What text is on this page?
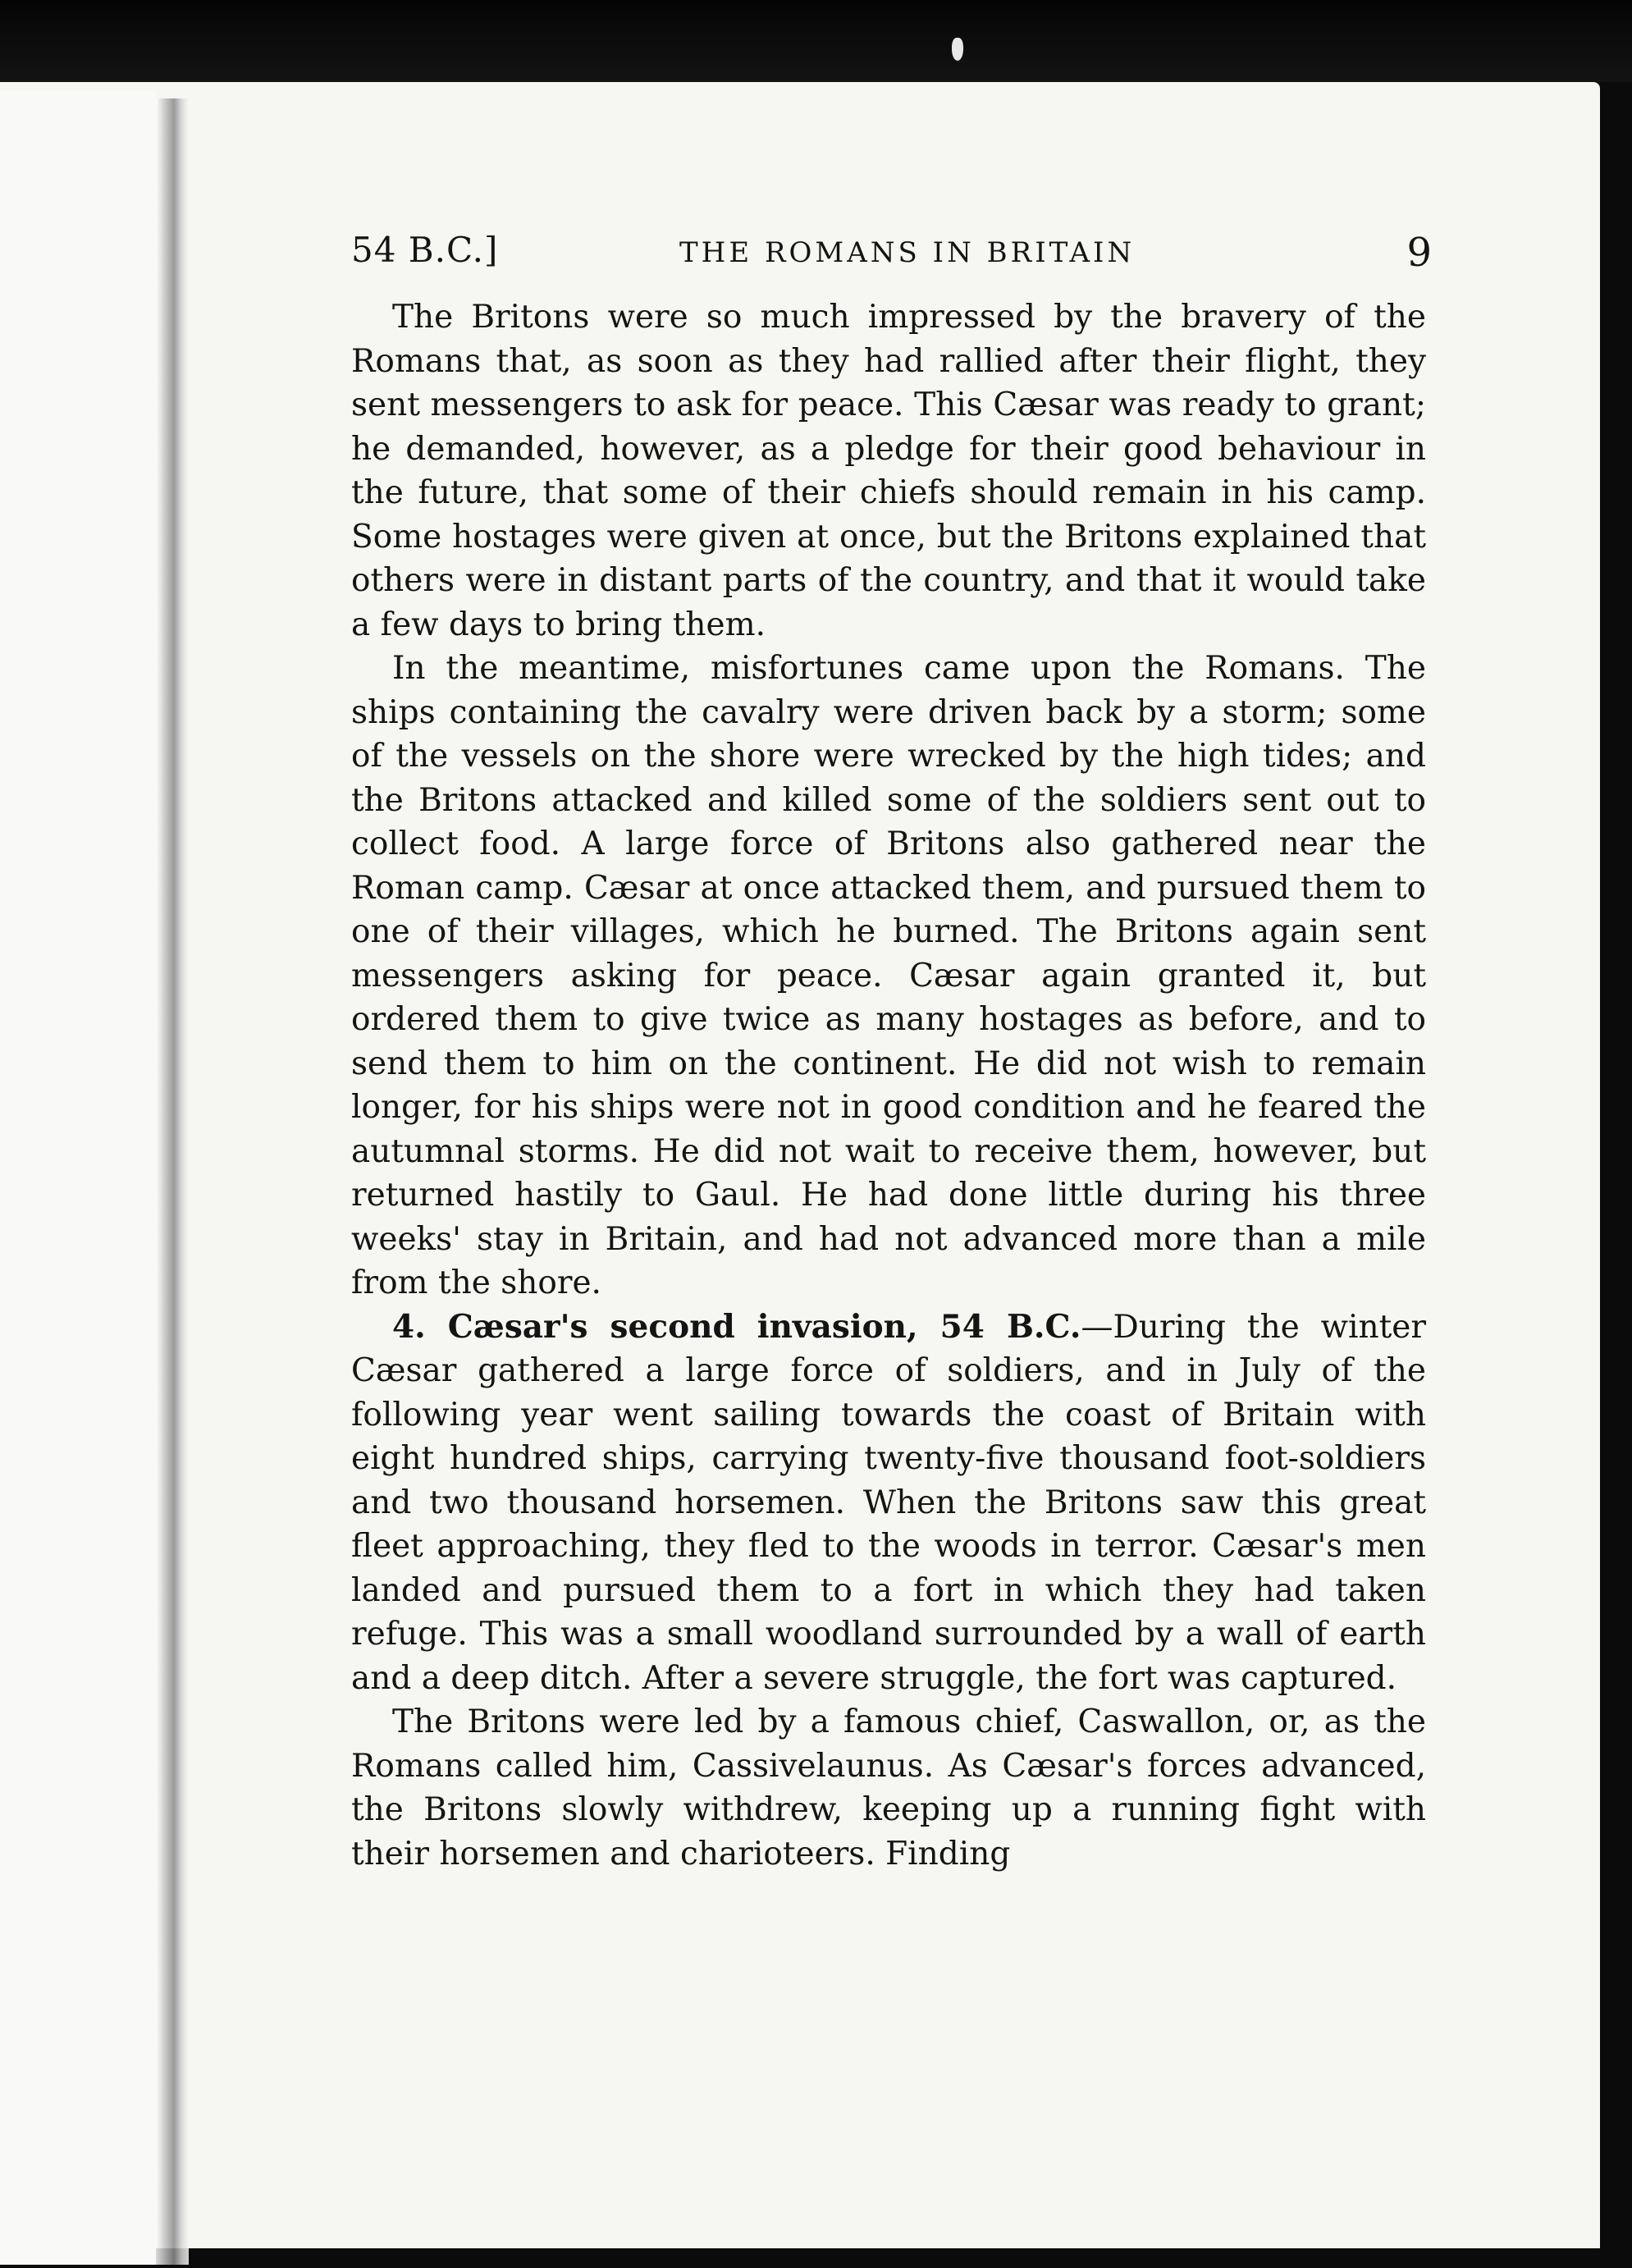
54 B.C.]	THE ROMANS IN BRITAIN	9

The Britons were so much impressed by the bravery of the Romans that, as soon as they had rallied after their flight, they sent messengers to ask for peace. This Cæsar was ready to grant; he demanded, however, as a pledge for their good behaviour in the future, that some of their chiefs should remain in his camp. Some hostages were given at once, but the Britons explained that others were in distant parts of the country, and that it would take a few days to bring them.

In the meantime, misfortunes came upon the Romans. The ships containing the cavalry were driven back by a storm; some of the vessels on the shore were wrecked by the high tides; and the Britons attacked and killed some of the soldiers sent out to collect food. A large force of Britons also gathered near the Roman camp. Cæsar at once attacked them, and pursued them to one of their villages, which he burned. The Britons again sent messengers asking for peace. Cæsar again granted it, but ordered them to give twice as many hostages as before, and to send them to him on the continent. He did not wish to remain longer, for his ships were not in good condition and he feared the autumnal storms. He did not wait to receive them, however, but returned hastily to Gaul. He had done little during his three weeks' stay in Britain, and had not advanced more than a mile from the shore.

4. Cæsar's second invasion, 54 B.C.—During the winter Cæsar gathered a large force of soldiers, and in July of the following year went sailing towards the coast of Britain with eight hundred ships, carrying twenty-five thousand foot-soldiers and two thousand horsemen. When the Britons saw this great fleet approaching, they fled to the woods in terror. Cæsar's men landed and pursued them to a fort in which they had taken refuge. This was a small woodland surrounded by a wall of earth and a deep ditch. After a severe struggle, the fort was captured.

The Britons were led by a famous chief, Caswallon, or, as the Romans called him, Cassivelaunus. As Cæsar's forces advanced, the Britons slowly withdrew, keeping up a running fight with their horsemen and charioteers. Finding
